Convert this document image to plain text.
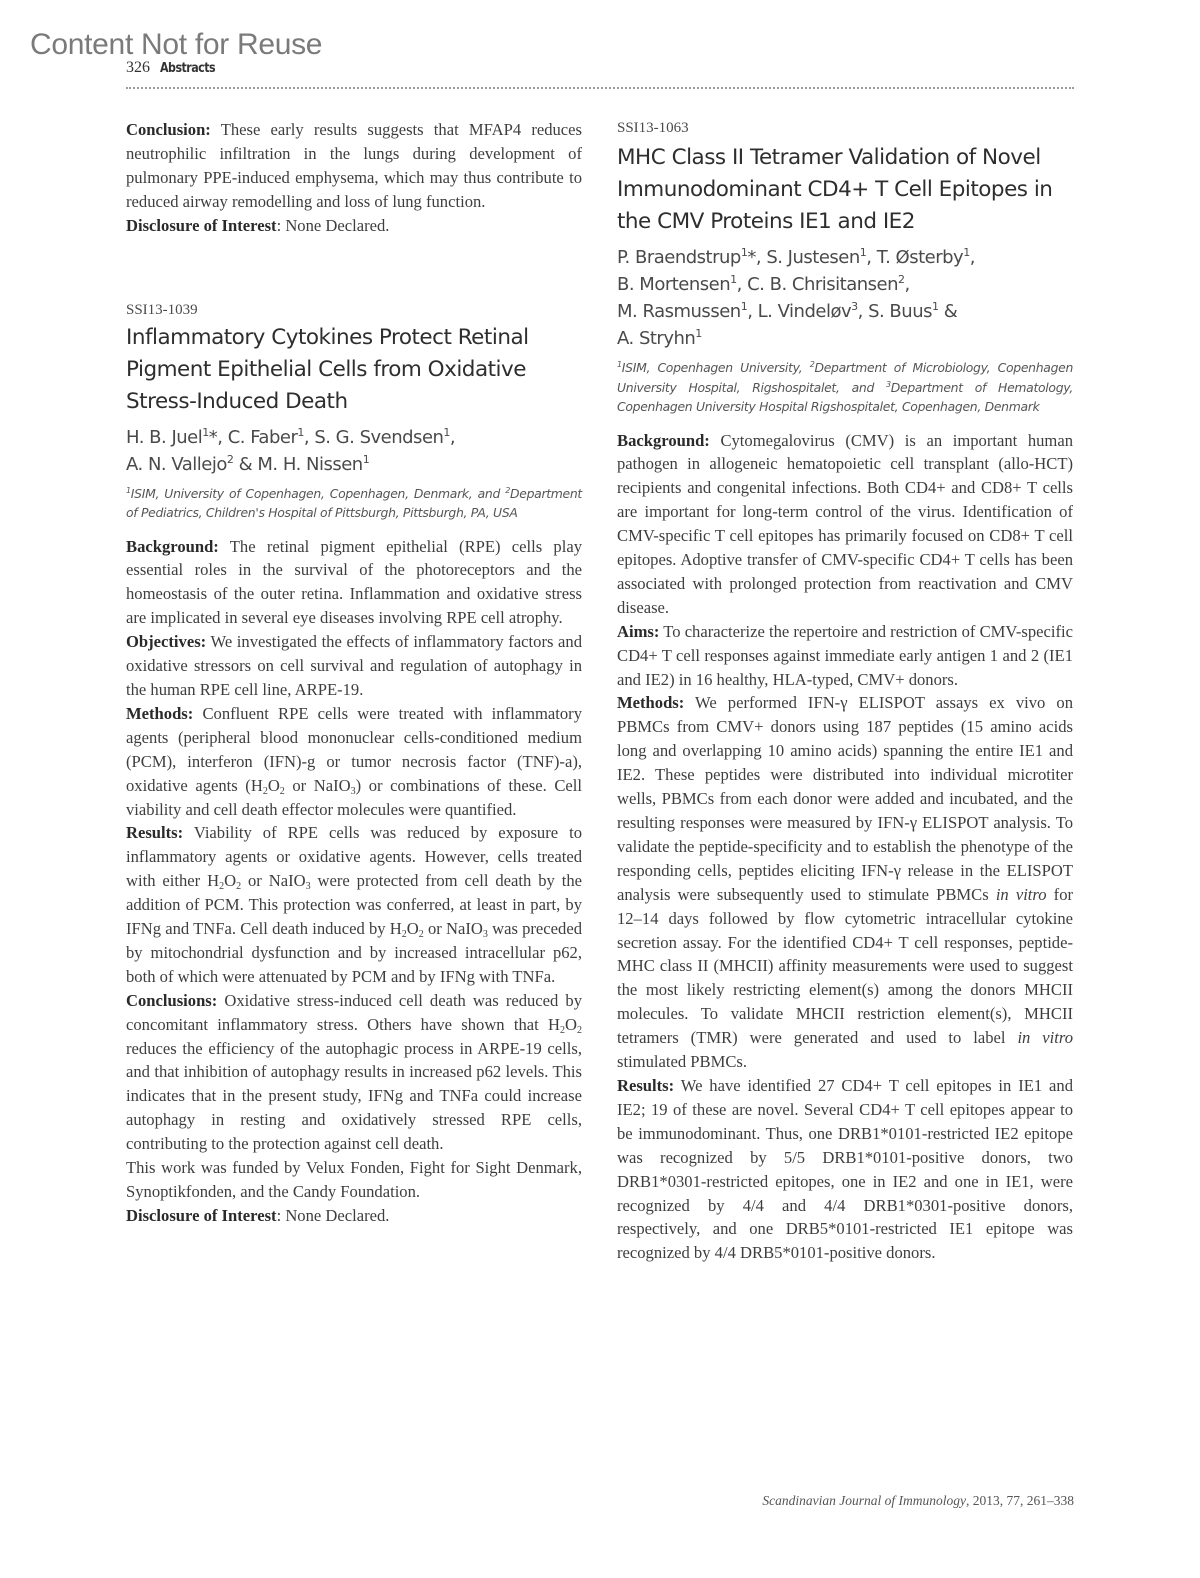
Content Not for Reuse
326 Abstracts

Conclusion: These early results suggests that MFAP4 reduces neutrophilic infiltration in the lungs during development of pulmonary PPE-induced emphysema, which may thus contribute to reduced airway remodelling and loss of lung function.
Disclosure of Interest: None Declared.

SSI13-1039

Inflammatory Cytokines Protect Retinal Pigment Epithelial Cells from Oxidative Stress-Induced Death

H. B. Juel$^1$*, C. Faber$^1$, S. G. Svendsen$^1$,
A. N. Vallejo$^2$ & M. H. Nissen$^1$

$^1$ISIM, University of Copenhagen, Copenhagen, Denmark, and $^2$Department of Pediatrics, Children's Hospital of Pittsburgh, Pittsburgh, PA, USA

Background: The retinal pigment epithelial (RPE) cells play essential roles in the survival of the photoreceptors and the homeostasis of the outer retina. Inflammation and oxidative stress are implicated in several eye diseases involving RPE cell atrophy.
Objectives: We investigated the effects of inflammatory factors and oxidative stressors on cell survival and regulation of autophagy in the human RPE cell line, ARPE-19.
Methods: Confluent RPE cells were treated with inflammatory agents (peripheral blood mononuclear cells-conditioned medium (PCM), interferon (IFN)-g or tumor necrosis factor (TNF)-a), oxidative agents ($H_2O_2$ or NaIO$_3$) or combinations of these. Cell viability and cell death effector molecules were quantified.
Results: Viability of RPE cells was reduced by exposure to inflammatory agents or oxidative agents. However, cells treated with either $H_2O_2$ or NaIO$_3$ were protected from cell death by the addition of PCM. This protection was conferred, at least in part, by IFNg and TNFa. Cell death induced by $H_2O_2$ or NaIO$_3$ was preceded by mitochondrial dysfunction and by increased intracellular p62, both of which were attenuated by PCM and by IFNg with TNFa.
Conclusions: Oxidative stress-induced cell death was reduced by concomitant inflammatory stress. Others have shown that $H_2O_2$ reduces the efficiency of the autophagic process in ARPE-19 cells, and that inhibition of autophagy results in increased p62 levels. This indicates that in the present study, IFNg and TNFa could increase autophagy in resting and oxidatively stressed RPE cells, contributing to the protection against cell death.
This work was funded by Velux Fonden, Fight for Sight Denmark, Synoptikfonden, and the Candy Foundation.
Disclosure of Interest: None Declared.

SSI13-1063

MHC Class II Tetramer Validation of Novel Immunodominant CD4+ T Cell Epitopes in the CMV Proteins IE1 and IE2

P. Braendstrup$^1$*, S. Justesen$^1$, T. Østerby$^1$,
B. Mortensen$^1$, C. B. Chrisitansen$^2$,
M. Rasmussen$^1$, L. Vindeløv$^3$, S. Buus$^1$ &
A. Stryhn$^1$

$^1$ISIM, Copenhagen University, $^2$Department of Microbiology, Copenhagen University Hospital, Rigshospitalet, and $^3$Department of Hematology, Copenhagen University Hospital Rigshospitalet, Copenhagen, Denmark

Background: Cytomegalovirus (CMV) is an important human pathogen in allogeneic hematopoietic cell transplant (allo-HCT) recipients and congenital infections. Both CD4+ and CD8+ T cells are important for long-term control of the virus. Identification of CMV-specific T cell epitopes has primarily focused on CD8+ T cell epitopes. Adoptive transfer of CMV-specific CD4+ T cells has been associated with prolonged protection from reactivation and CMV disease.
Aims: To characterize the repertoire and restriction of CMV-specific CD4+ T cell responses against immediate early antigen 1 and 2 (IE1 and IE2) in 16 healthy, HLA-typed, CMV+ donors.
Methods: We performed IFN-γ ELISPOT assays ex vivo on PBMCs from CMV+ donors using 187 peptides (15 amino acids long and overlapping 10 amino acids) spanning the entire IE1 and IE2. These peptides were distributed into individual microtiter wells, PBMCs from each donor were added and incubated, and the resulting responses were measured by IFN-γ ELISPOT analysis. To validate the peptide-specificity and to establish the phenotype of the responding cells, peptides eliciting IFN-γ release in the ELISPOT analysis were subsequently used to stimulate PBMCs in vitro for 12–14 days followed by flow cytometric intracellular cytokine secretion assay. For the identified CD4+ T cell responses, peptide-MHC class II (MHCII) affinity measurements were used to suggest the most likely restricting element(s) among the donors MHCII molecules. To validate MHCII restriction element(s), MHCII tetramers (TMR) were generated and used to label in vitro stimulated PBMCs.
Results: We have identified 27 CD4+ T cell epitopes in IE1 and IE2; 19 of these are novel. Several CD4+ T cell epitopes appear to be immunodominant. Thus, one DRB1*0101-restricted IE2 epitope was recognized by 5/5 DRB1*0101-positive donors, two DRB1*0301-restricted epitopes, one in IE2 and one in IE1, were recognized by 4/4 and 4/4 DRB1*0301-positive donors, respectively, and one DRB5*0101-restricted IE1 epitope was recognized by 4/4 DRB5*0101-positive donors.

Scandinavian Journal of Immunology, 2013, 77, 261–338
